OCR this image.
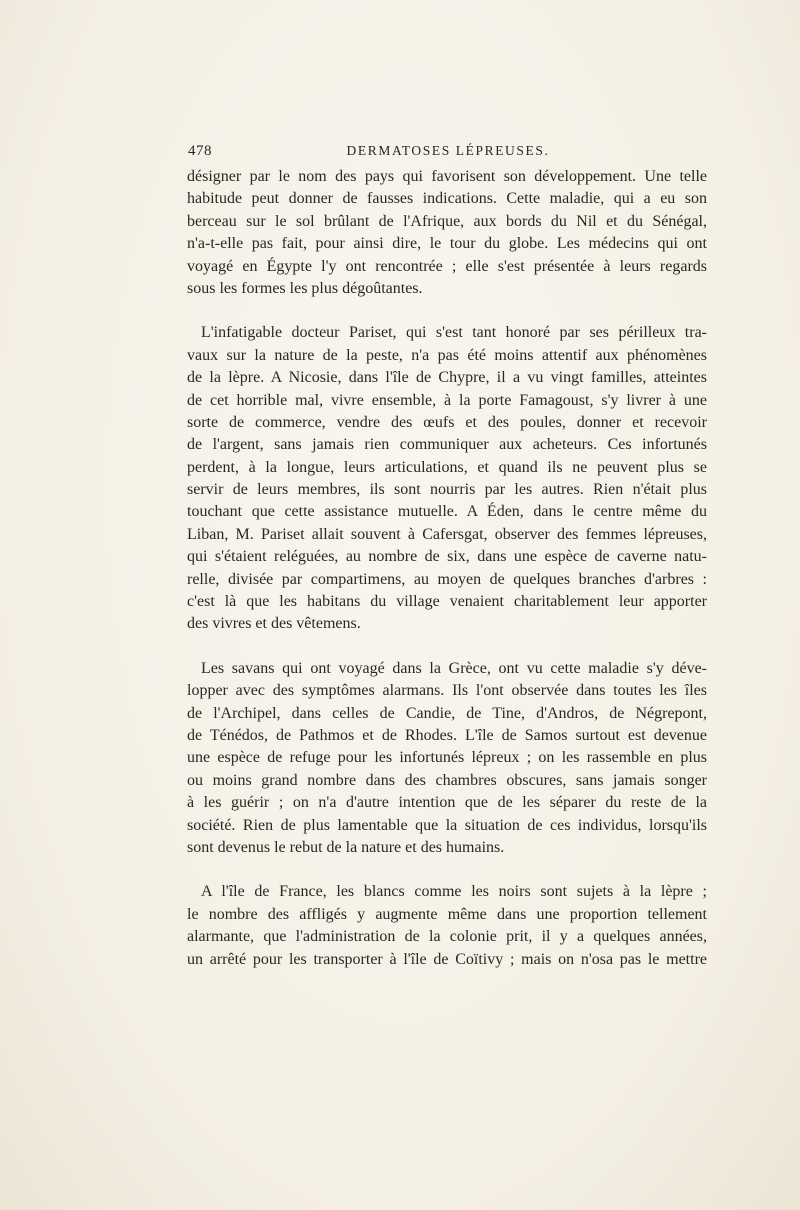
478	DERMATOSES LÉPREUSES.

désigner par le nom des pays qui favorisent son développement. Une telle
habitude peut donner de fausses indications. Cette maladie, qui a eu son
berceau sur le sol brûlant de l'Afrique, aux bords du Nil et du Sénégal,
n'a-t-elle pas fait, pour ainsi dire, le tour du globe. Les médecins qui ont
voyagé en Égypte l'y ont rencontrée ; elle s'est présentée à leurs regards
sous les formes les plus dégoûtantes.

L'infatigable docteur Pariset, qui s'est tant honoré par ses périlleux tra-
vaux sur la nature de la peste, n'a pas été moins attentif aux phénomènes
de la lèpre. A Nicosie, dans l'île de Chypre, il a vu vingt familles, atteintes
de cet horrible mal, vivre ensemble, à la porte Famagoust, s'y livrer à une
sorte de commerce, vendre des œufs et des poules, donner et recevoir
de l'argent, sans jamais rien communiquer aux acheteurs. Ces infortunés
perdent, à la longue, leurs articulations, et quand ils ne peuvent plus se
servir de leurs membres, ils sont nourris par les autres. Rien n'était plus
touchant que cette assistance mutuelle. A Éden, dans le centre même du
Liban, M. Pariset allait souvent à Cafersgat, observer des femmes lépreuses,
qui s'étaient reléguées, au nombre de six, dans une espèce de caverne natu-
relle, divisée par compartimens, au moyen de quelques branches d'arbres :
c'est là que les habitans du village venaient charitablement leur apporter
des vivres et des vêtemens.

Les savans qui ont voyagé dans la Grèce, ont vu cette maladie s'y déve-
lopper avec des symptômes alarmans. Ils l'ont observée dans toutes les îles
de l'Archipel, dans celles de Candie, de Tine, d'Andros, de Négrepont,
de Ténédos, de Pathmos et de Rhodes. L'île de Samos surtout est devenue
une espèce de refuge pour les infortunés lépreux ; on les rassemble en plus
ou moins grand nombre dans des chambres obscures, sans jamais songer
à les guérir ; on n'a d'autre intention que de les séparer du reste de la
société. Rien de plus lamentable que la situation de ces individus, lorsqu'ils
sont devenus le rebut de la nature et des humains.

A l'île de France, les blancs comme les noirs sont sujets à la lèpre ;
le nombre des affligés y augmente même dans une proportion tellement
alarmante, que l'administration de la colonie prit, il y a quelques années,
un arrêté pour les transporter à l'île de Coïtivy ; mais on n'osa pas le mettre
